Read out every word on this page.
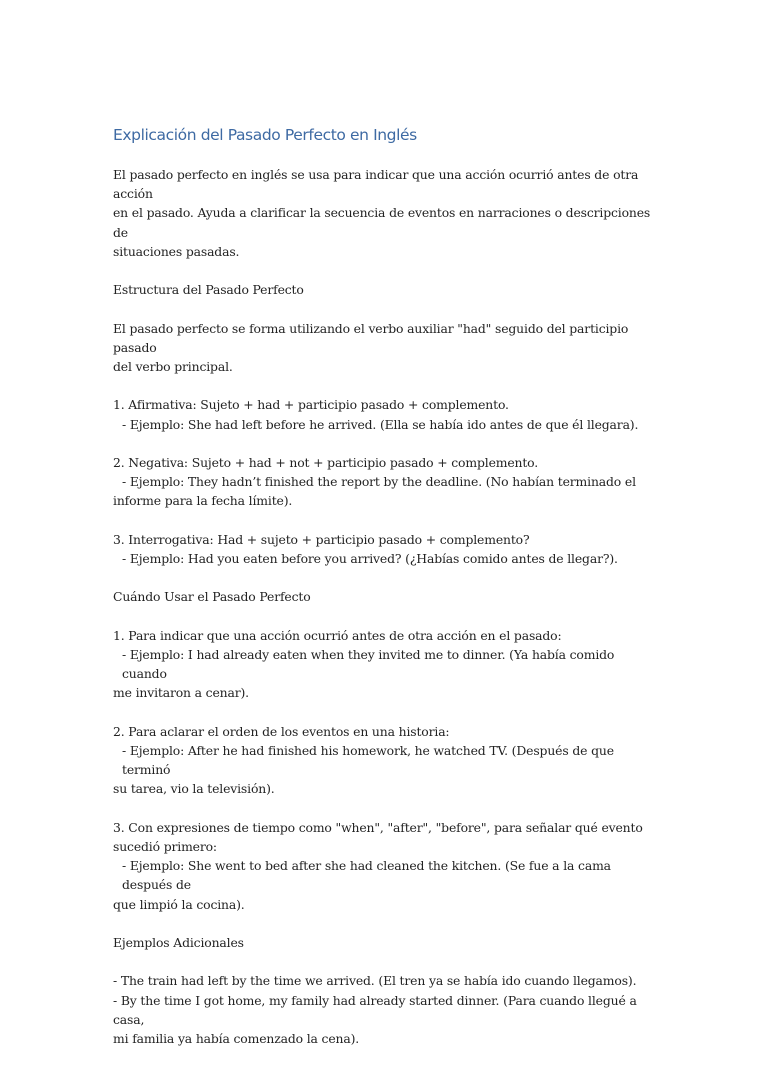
Explicación del Pasado Perfecto en Inglés

El pasado perfecto en inglés se usa para indicar que una acción ocurrió antes de otra acción
en el pasado. Ayuda a clarificar la secuencia de eventos en narraciones o descripciones de
situaciones pasadas.

Estructura del Pasado Perfecto

El pasado perfecto se forma utilizando el verbo auxiliar "had" seguido del participio pasado
del verbo principal.

1. Afirmativa: Sujeto + had + participio pasado + complemento.
- Ejemplo: She had left before he arrived. (Ella se había ido antes de que él llegara).

2. Negativa: Sujeto + had + not + participio pasado + complemento.
- Ejemplo: They hadn’t finished the report by the deadline. (No habían terminado el
informe para la fecha límite).

3. Interrogativa: Had + sujeto + participio pasado + complemento?
- Ejemplo: Had you eaten before you arrived? (¿Habías comido antes de llegar?).

Cuándo Usar el Pasado Perfecto

1. Para indicar que una acción ocurrió antes de otra acción en el pasado:
- Ejemplo: I had already eaten when they invited me to dinner. (Ya había comido cuando
me invitaron a cenar).

2. Para aclarar el orden de los eventos en una historia:
- Ejemplo: After he had finished his homework, he watched TV. (Después de que terminó
su tarea, vio la televisión).

3. Con expresiones de tiempo como "when", "after", "before", para señalar qué evento
sucedió primero:
- Ejemplo: She went to bed after she had cleaned the kitchen. (Se fue a la cama después de
que limpió la cocina).

Ejemplos Adicionales

- The train had left by the time we arrived. (El tren ya se había ido cuando llegamos).
- By the time I got home, my family had already started dinner. (Para cuando llegué a casa,
mi familia ya había comenzado la cena).
